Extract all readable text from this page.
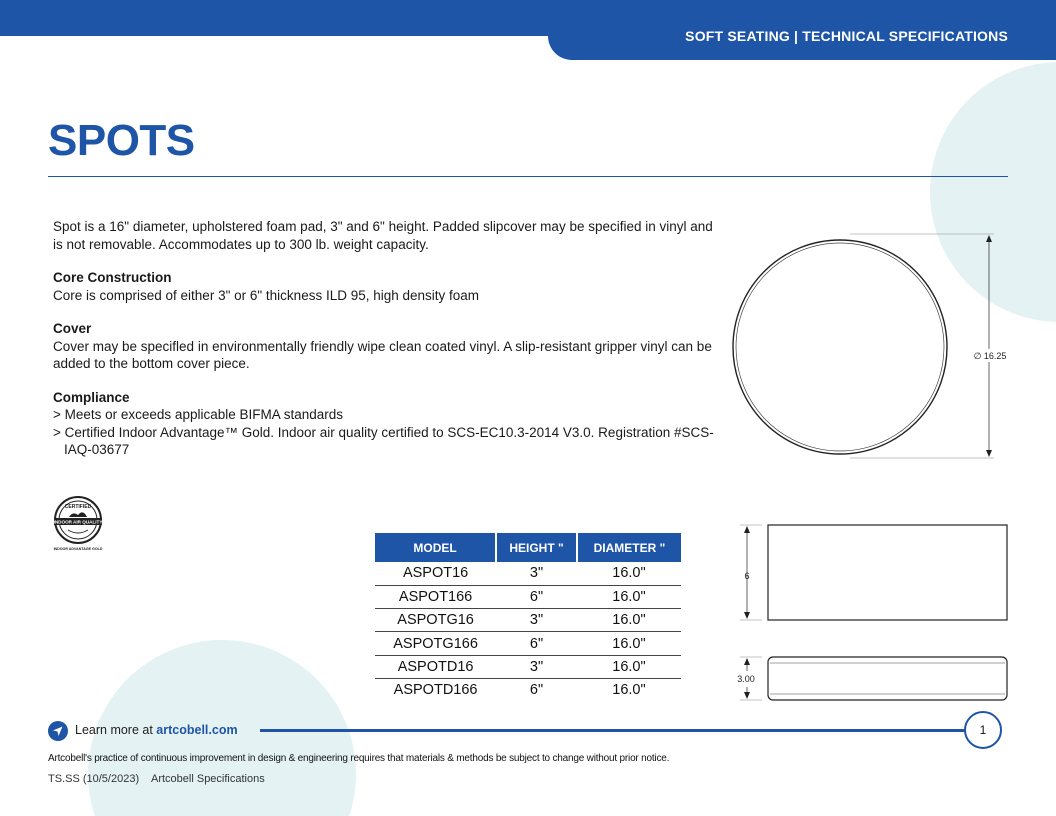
SOFT SEATING | TECHNICAL SPECIFICATIONS
SPOTS

Spot is a 16" diameter, upholstered foam pad, 3" and 6" height. Padded slipcover may be specified in vinyl and is not removable. Accommodates up to 300 lb. weight capacity.

Core Construction

Core is comprised of either 3" or 6" thickness ILD 95, high density foam

Cover

Cover may be specifled in environmentally friendly wipe clean coated vinyl. A slip-resistant gripper vinyl can be added to the bottom cover piece.

Compliance

> Meets or exceeds applicable BIFMA standards

> Certified Indoor Advantage™ Gold. Indoor air quality certified to SCS-EC10.3-2014 V3.0. Registration #SCS-IAQ-03677

CERTIFIED
INDOOR AIR QUALITY
INDOOR ADVANTAGE GOLD	MODEL	HEIGHT "	DIAMETER "
ASPOT16	3"	16.0"
ASPOT166	6"	16.0"
ASPOTG16	3"	16.0"
ASPOTG166	6"	16.0"
ASPOTD16	3"	16.0"
ASPOTD166	6"	16.0"
∅ 16.25
6
3.00
Learn more at artcobell.com	1
Artcobell's practice of continuous improvement in design & engineering requires that materials & methods be subject to change without prior notice.
TS.SS (10/5/2023) Artcobell Specifications
